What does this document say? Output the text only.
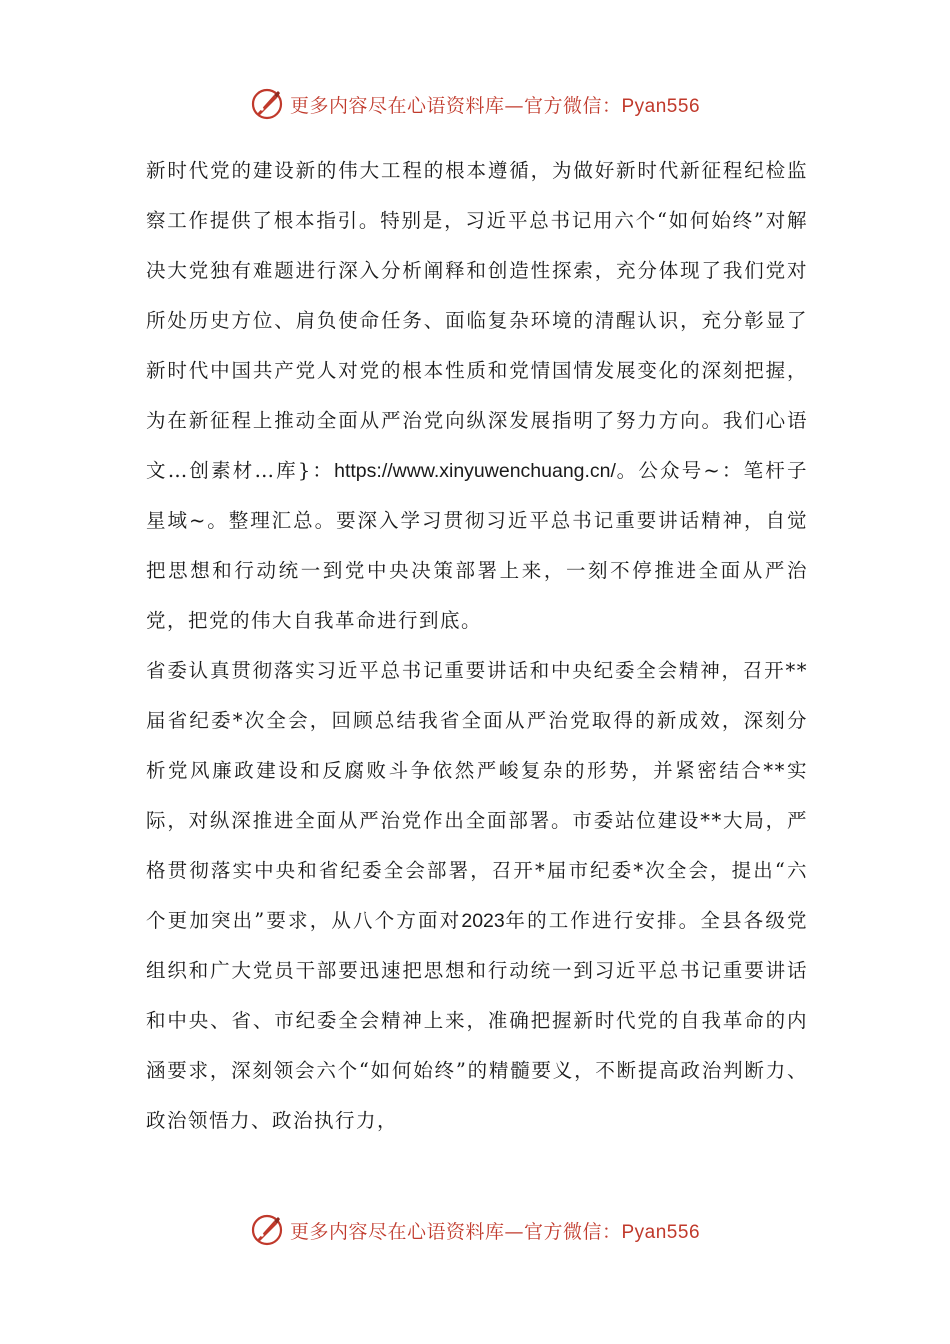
更多内容尽在心语资料库—官方微信：Pyan556

新时代党的建设新的伟大工程的根本遵循，为做好新时代新征程纪检监察工作提供了根本指引。特别是，习近平总书记用六个“如何始终”对解决大党独有难题进行深入分析阐释和创造性探索，充分体现了我们党对所处历史方位、肩负使命任务、面临复杂环境的清醒认识，充分彰显了新时代中国共产党人对党的根本性质和党情国情发展变化的深刻把握，为在新征程上推动全面从严治党向纵深发展指明了努力方向。我们心语文…创素材…库}：https://www.xinyuwenchuang.cn/。公众号~：笔杆子星域~。整理汇总。要深入学习贯彻习近平总书记重要讲话精神，自觉把思想和行动统一到党中央决策部署上来，一刻不停推进全面从严治党，把党的伟大自我革命进行到底。

省委认真贯彻落实习近平总书记重要讲话和中央纪委全会精神，召开**届省纪委*次全会，回顾总结我省全面从严治党取得的新成效，深刻分析党风廉政建设和反腐败斗争依然严峻复杂的形势，并紧密结合**实际，对纵深推进全面从严治党作出全面部署。市委站位建设**大局，严格贯彻落实中央和省纪委全会部署，召开*届市纪委*次全会，提出“六个更加突出”要求，从八个方面对2023年的工作进行安排。全县各级党组织和广大党员干部要迅速把思想和行动统一到习近平总书记重要讲话和中央、省、市纪委全会精神上来，准确把握新时代党的自我革命的内涵要求，深刻领会六个“如何始终”的精髓要义，不断提高政治判断力、政治领悟力、政治执行力，

更多内容尽在心语资料库—官方微信：Pyan556
